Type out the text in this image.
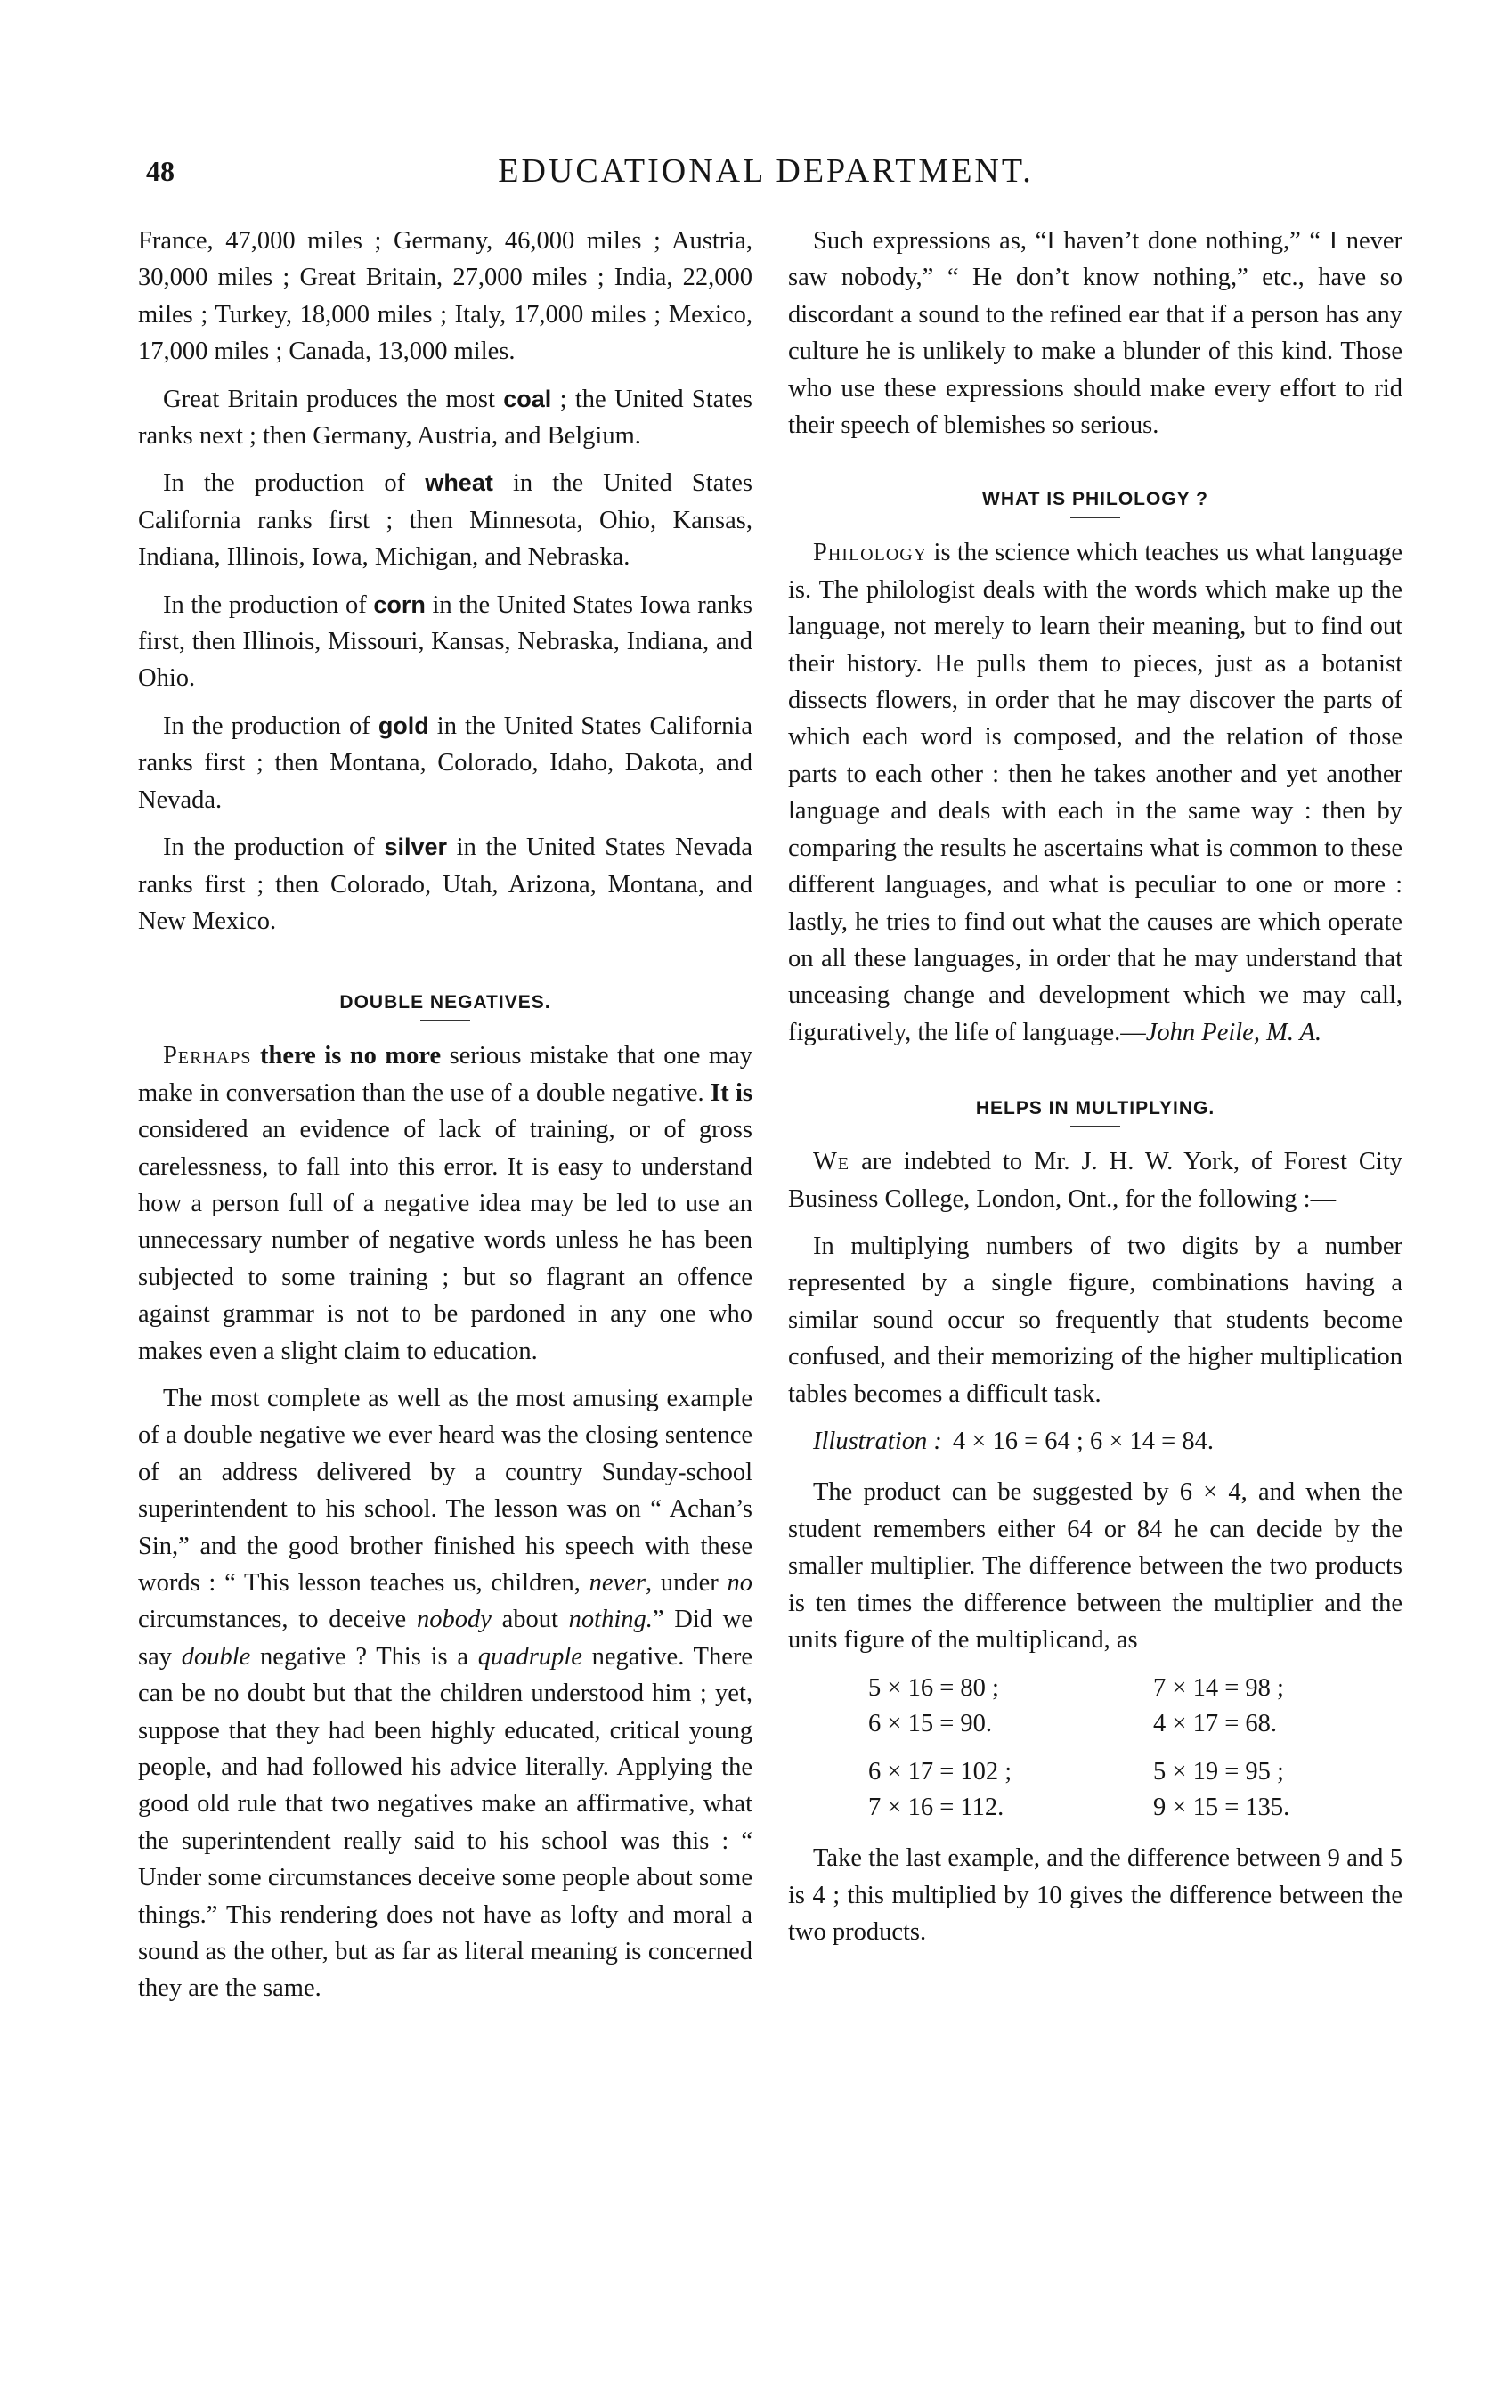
48	EDUCATIONAL DEPARTMENT.

France, 47,000 miles ; Germany, 46,000 miles ; Austria, 30,000 miles ; Great Britain, 27,000 miles ; India, 22,000 miles ; Turkey, 18,000 miles ; Italy, 17,000 miles ; Mexico, 17,000 miles ; Canada, 13,000 miles.

Great Britain produces the most coal ; the United States ranks next ; then Germany, Austria, and Belgium.

In the production of wheat in the United States California ranks first ; then Minnesota, Ohio, Kansas, Indiana, Illinois, Iowa, Michigan, and Nebraska.

In the production of corn in the United States Iowa ranks first, then Illinois, Missouri, Kansas, Nebraska, Indiana, and Ohio.

In the production of gold in the United States California ranks first ; then Montana, Colorado, Idaho, Dakota, and Nevada.

In the production of silver in the United States Nevada ranks first ; then Colorado, Utah, Arizona, Montana, and New Mexico.

DOUBLE NEGATIVES.

Perhaps there is no more serious mistake that one may make in conversation than the use of a double negative. It is considered an evidence of lack of training, or of gross carelessness, to fall into this error. It is easy to understand how a person full of a negative idea may be led to use an unnecessary number of negative words unless he has been subjected to some training ; but so flagrant an offence against grammar is not to be pardoned in any one who makes even a slight claim to education.

The most complete as well as the most amusing example of a double negative we ever heard was the closing sentence of an address delivered by a country Sunday-school superintendent to his school. The lesson was on “ Achan’s Sin,” and the good brother finished his speech with these words : “ This lesson teaches us, children, never, under no circumstances, to deceive nobody about nothing.” Did we say double negative ? This is a quadruple negative. There can be no doubt but that the children understood him ; yet, suppose that they had been highly educated, critical young people, and had followed his advice literally. Applying the good old rule that two negatives make an affirmative, what the superintendent really said to his school was this : “ Under some circumstances deceive some people about some things.” This rendering does not have as lofty and moral a sound as the other, but as far as literal meaning is concerned they are the same.

Such expressions as, “I haven’t done nothing,” “ I never saw nobody,” “ He don’t know nothing,” etc., have so discordant a sound to the refined ear that if a person has any culture he is unlikely to make a blunder of this kind. Those who use these expressions should make every effort to rid their speech of blemishes so serious.

WHAT IS PHILOLOGY ?

Philology is the science which teaches us what language is. The philologist deals with the words which make up the language, not merely to learn their meaning, but to find out their history. He pulls them to pieces, just as a botanist dissects flowers, in order that he may discover the parts of which each word is composed, and the relation of those parts to each other : then he takes another and yet another language and deals with each in the same way : then by comparing the results he ascertains what is common to these different languages, and what is peculiar to one or more : lastly, he tries to find out what the causes are which operate on all these languages, in order that he may understand that unceasing change and development which we may call, figuratively, the life of language.—John Peile, M. A.

HELPS IN MULTIPLYING.

We are indebted to Mr. J. H. W. York, of Forest City Business College, London, Ont., for the following :—

In multiplying numbers of two digits by a number represented by a single figure, combinations having a similar sound occur so frequently that students become confused, and their memorizing of the higher multiplication tables becomes a difficult task.

Illustration : 4 × 16 = 64 ; 6 × 14 = 84.

The product can be suggested by 6 × 4, and when the student remembers either 64 or 84 he can decide by the smaller multiplier. The difference between the two products is ten times the difference between the multiplier and the units figure of the multiplicand, as

5 × 16 = 80 ;	7 × 14 = 98 ;
6 × 15 = 90.	4 × 17 = 68.
6 × 17 = 102 ;	5 × 19 = 95 ;
7 × 16 = 112.	9 × 15 = 135.

Take the last example, and the difference between 9 and 5 is 4 ; this multiplied by 10 gives the difference between the two products.
